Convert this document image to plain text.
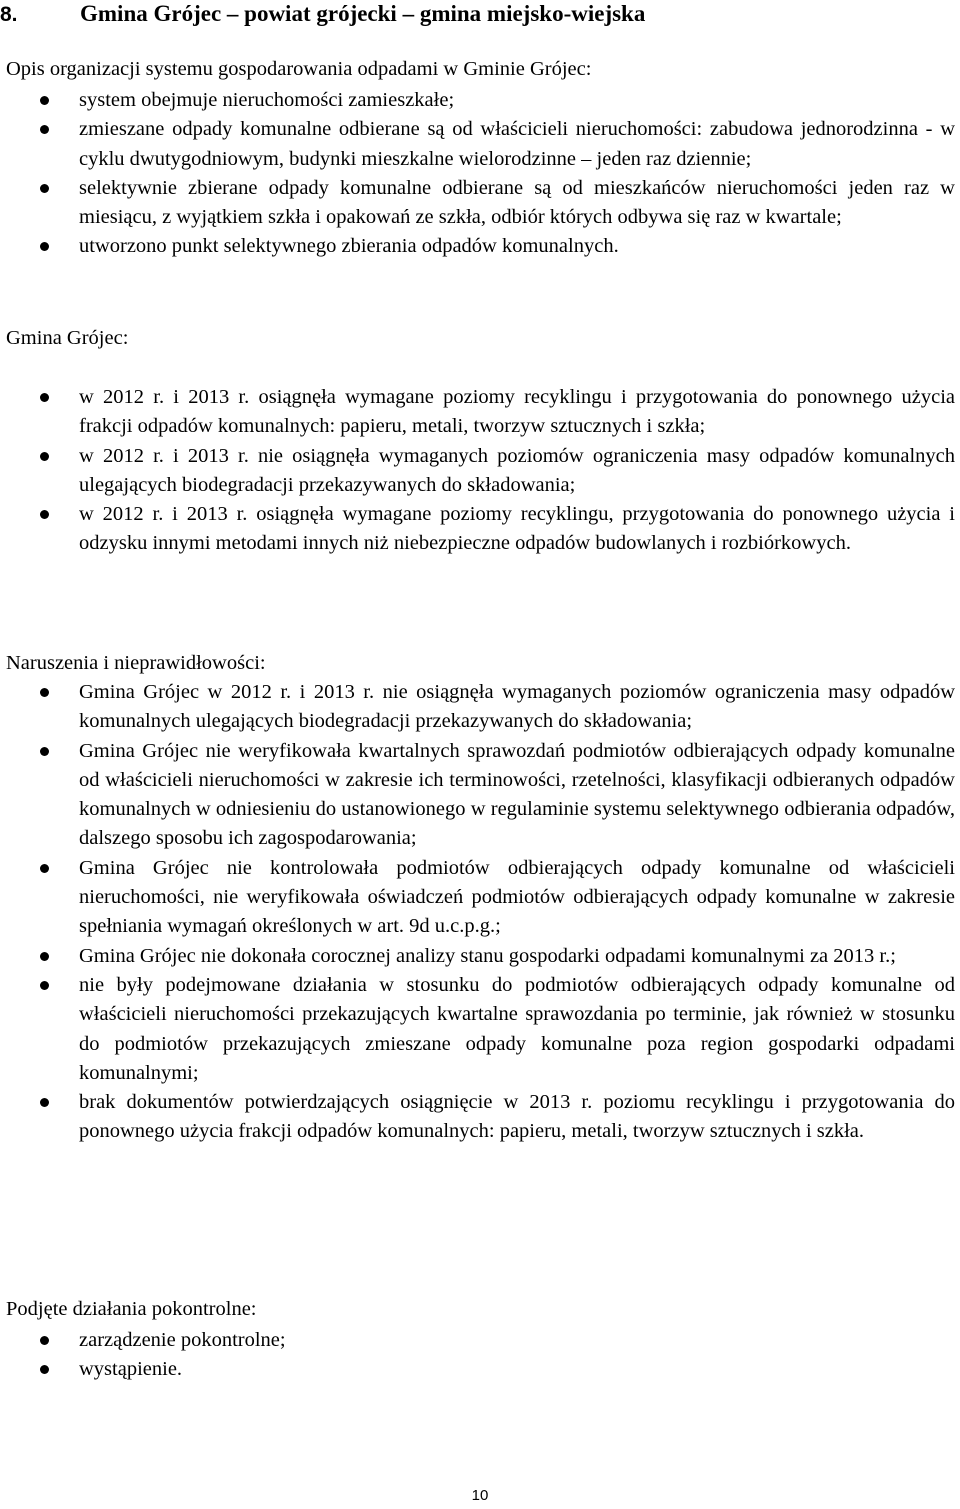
8.	Gmina Grójec – powiat grójecki – gmina miejsko-wiejska
Opis organizacji systemu gospodarowania odpadami w Gminie Grójec:
system obejmuje nieruchomości zamieszkałe;
zmieszane odpady komunalne odbierane są od właścicieli nieruchomości: zabudowa jednorodzinna - w cyklu dwutygodniowym, budynki mieszkalne wielorodzinne – jeden raz dziennie;
selektywnie zbierane odpady komunalne odbierane są od mieszkańców nieruchomości jeden raz w miesiącu, z wyjątkiem szkła i opakowań ze szkła, odbiór których odbywa się raz w kwartale;
utworzono punkt selektywnego zbierania odpadów komunalnych.
Gmina Grójec:
w 2012 r. i 2013 r. osiągnęła wymagane poziomy recyklingu i przygotowania do ponownego użycia frakcji odpadów komunalnych: papieru, metali, tworzyw sztucznych i szkła;
w 2012 r. i 2013 r. nie osiągnęła wymaganych poziomów ograniczenia masy odpadów komunalnych ulegających biodegradacji przekazywanych do składowania;
w 2012 r. i 2013 r. osiągnęła wymagane poziomy recyklingu, przygotowania do ponownego użycia i odzysku innymi metodami innych niż niebezpieczne odpadów budowlanych i rozbiórkowych.
Naruszenia i nieprawidłowości:
Gmina Grójec w 2012 r. i 2013 r. nie osiągnęła wymaganych poziomów ograniczenia masy odpadów komunalnych ulegających biodegradacji przekazywanych do składowania;
Gmina Grójec nie weryfikowała kwartalnych sprawozdań podmiotów odbierających odpady komunalne od właścicieli nieruchomości w zakresie ich terminowości, rzetelności, klasyfikacji odbieranych odpadów komunalnych w odniesieniu do ustanowionego w regulaminie systemu selektywnego odbierania odpadów, dalszego sposobu ich zagospodarowania;
Gmina Grójec nie kontrolowała podmiotów odbierających odpady komunalne od właścicieli nieruchomości, nie weryfikowała oświadczeń podmiotów odbierających odpady komunalne w zakresie spełniania wymagań określonych w art. 9d u.c.p.g.;
Gmina Grójec nie dokonała corocznej analizy stanu gospodarki odpadami komunalnymi za 2013 r.;
nie były podejmowane działania w stosunku do podmiotów odbierających odpady komunalne od właścicieli nieruchomości przekazujących kwartalne sprawozdania po terminie, jak również w stosunku do podmiotów przekazujących zmieszane odpady komunalne poza region gospodarki odpadami komunalnymi;
brak dokumentów potwierdzających osiągnięcie w 2013 r. poziomu recyklingu i przygotowania do ponownego użycia frakcji odpadów komunalnych: papieru, metali, tworzyw sztucznych i szkła.
Podjęte działania pokontrolne:
zarządzenie pokontrolne;
wystąpienie.
10
